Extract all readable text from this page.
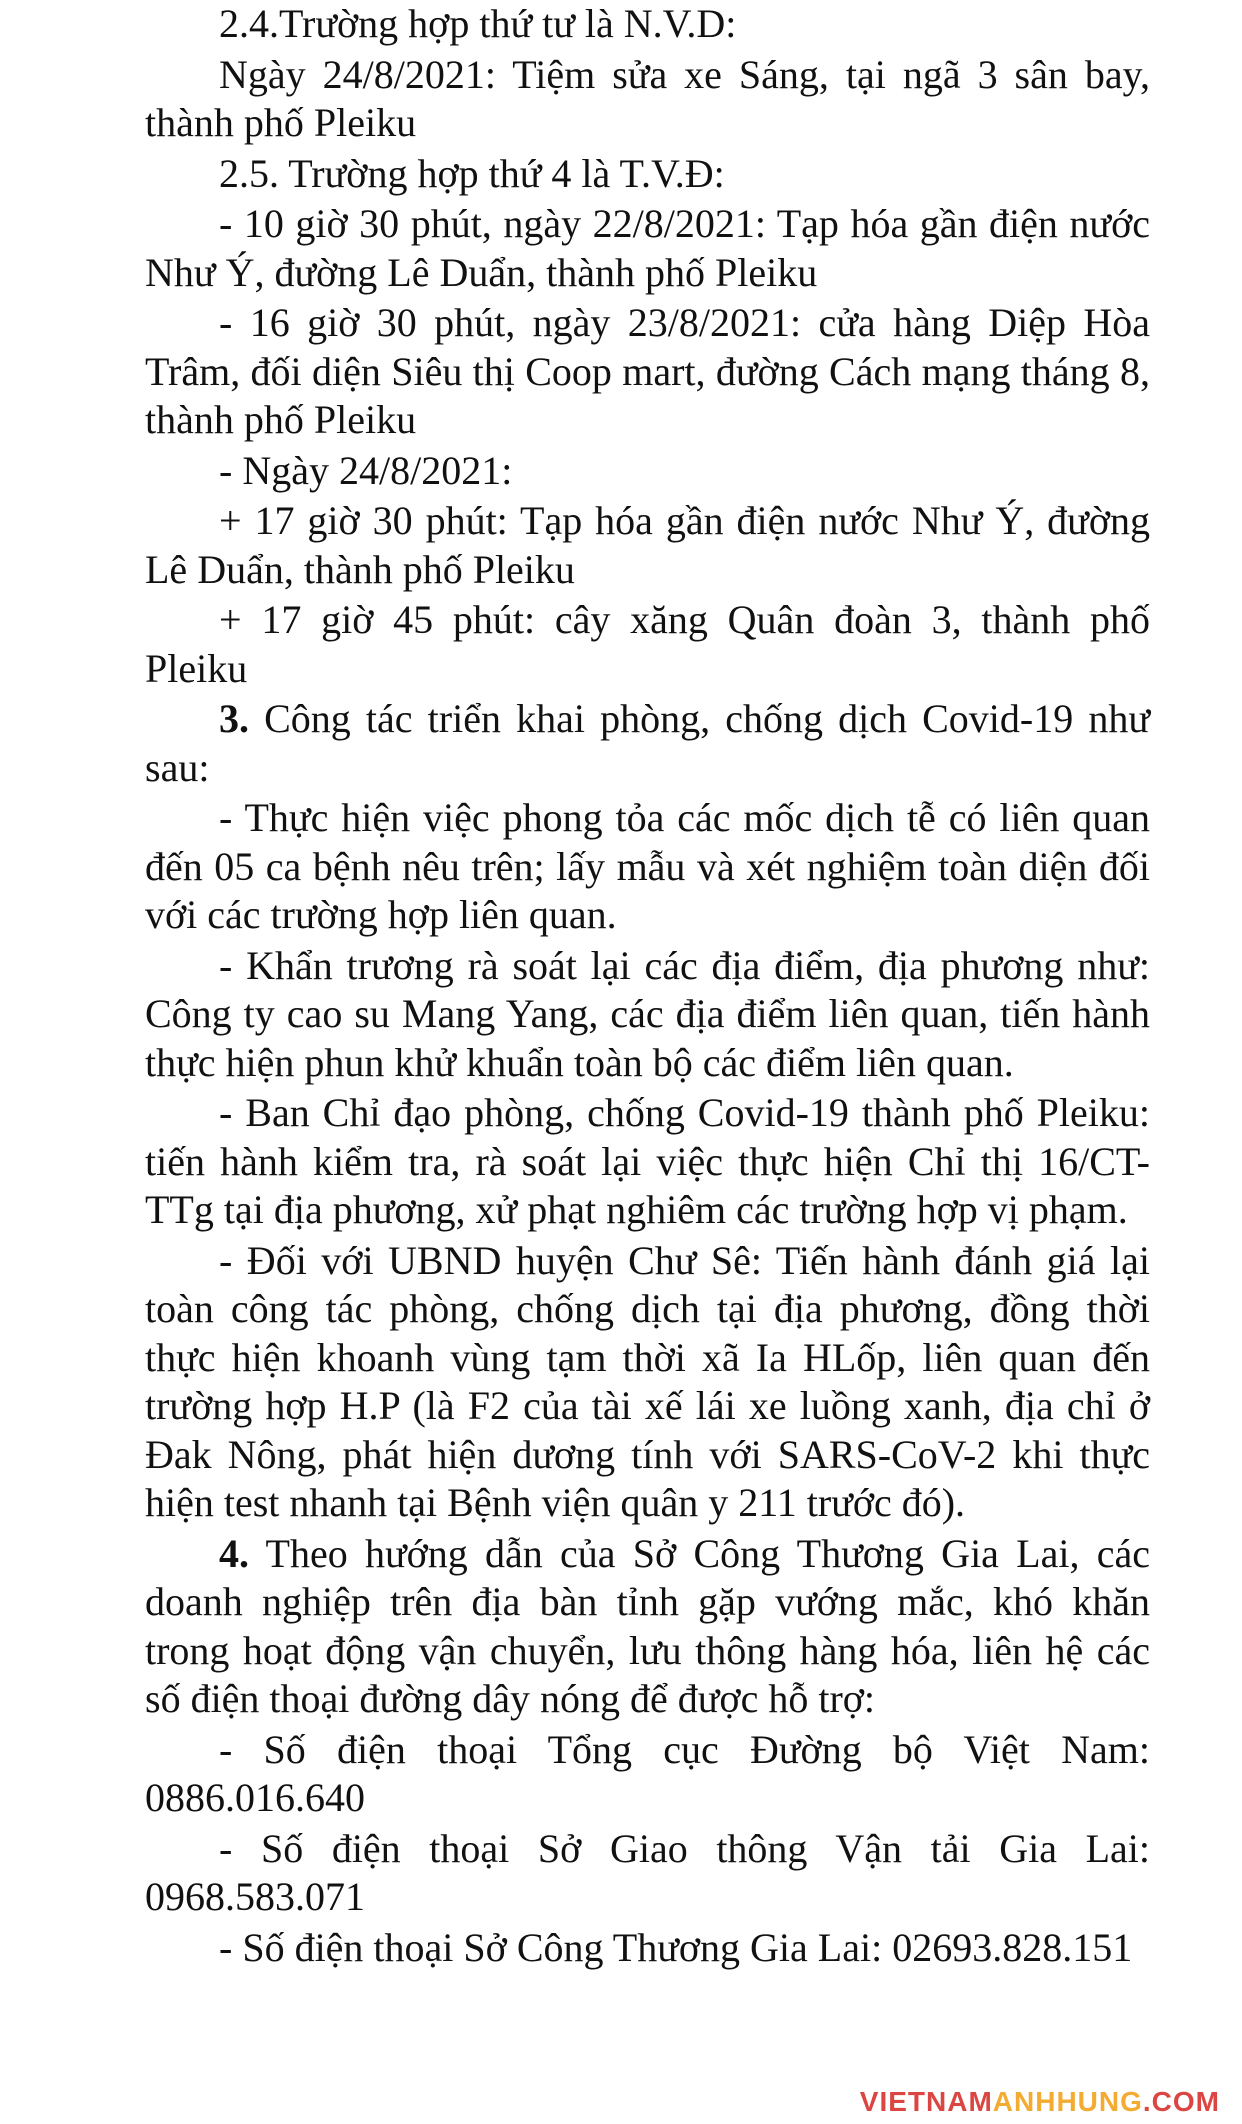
2.4.Trường hợp thứ tư là N.V.D:

Ngày 24/8/2021: Tiệm sửa xe Sáng, tại ngã 3 sân bay, thành phố Pleiku

2.5. Trường hợp thứ 4 là T.V.Đ:

- 10 giờ 30 phút, ngày 22/8/2021: Tạp hóa gần điện nước Như Ý, đường Lê Duẩn, thành phố Pleiku

- 16 giờ 30 phút, ngày 23/8/2021: cửa hàng Diệp Hòa Trâm, đối diện Siêu thị Coop mart, đường Cách mạng tháng 8, thành phố Pleiku

- Ngày 24/8/2021:

+ 17 giờ 30 phút: Tạp hóa gần điện nước Như Ý, đường Lê Duẩn, thành phố Pleiku

+ 17 giờ 45 phút: cây xăng Quân đoàn 3, thành phố Pleiku

3. Công tác triển khai phòng, chống dịch Covid-19 như sau:

- Thực hiện việc phong tỏa các mốc dịch tễ có liên quan đến 05 ca bệnh nêu trên; lấy mẫu và xét nghiệm toàn diện đối với các trường hợp liên quan.

- Khẩn trương rà soát lại các địa điểm, địa phương như: Công ty cao su Mang Yang, các địa điểm liên quan, tiến hành thực hiện phun khử khuẩn toàn bộ các điểm liên quan.

- Ban Chỉ đạo phòng, chống Covid-19 thành phố Pleiku: tiến hành kiểm tra, rà soát lại việc thực hiện Chỉ thị 16/CT-TTg tại địa phương, xử phạt nghiêm các trường hợp vị phạm.

- Đối với UBND huyện Chư Sê: Tiến hành đánh giá lại toàn công tác phòng, chống dịch tại địa phương, đồng thời thực hiện khoanh vùng tạm thời xã Ia HLốp, liên quan đến trường hợp H.P (là F2 của tài xế lái xe luồng xanh, địa chỉ ở Đak Nông, phát hiện dương tính với SARS-CoV-2 khi thực hiện test nhanh tại Bệnh viện quân y 211 trước đó).

4. Theo hướng dẫn của Sở Công Thương Gia Lai, các doanh nghiệp trên địa bàn tỉnh gặp vướng mắc, khó khăn trong hoạt động vận chuyển, lưu thông hàng hóa, liên hệ các số điện thoại đường dây nóng để được hỗ trợ:

- Số điện thoại Tổng cục Đường bộ Việt Nam: 0886.016.640

- Số điện thoại Sở Giao thông Vận tải Gia Lai: 0968.583.071

- Số điện thoại Sở Công Thương Gia Lai: 02693.828.151

VIETNAMANHHUNG.COM
